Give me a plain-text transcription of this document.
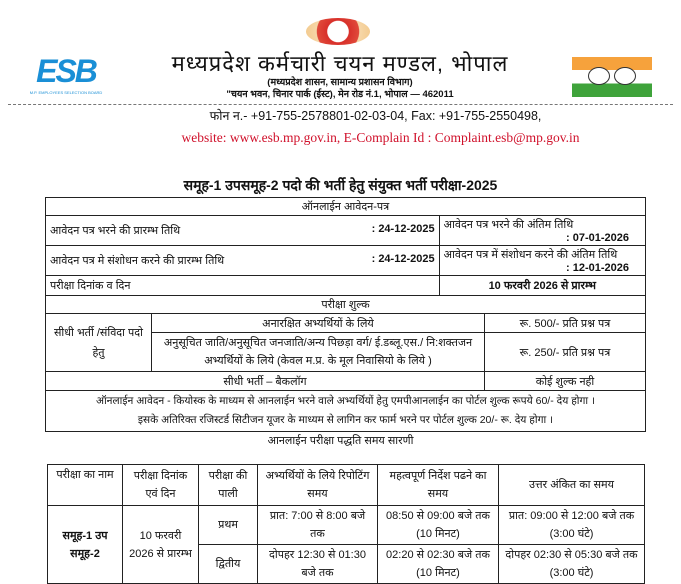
ESB
M.P. EMPLOYEES SELECTION BOARD
मध्यप्रदेश कर्मचारी चयन मण्डल, भोपाल
(मध्यप्रदेश शासन, सामान्य प्रशासन विभाग)
"चयन भवन, चिनार पार्क (ईस्ट), मेन रोड नं.1, भोपाल — 462011
फोन न.- +91-755-2578801-02-03-04, Fax: +91-755-2550498,
website: www.esb.mp.gov.in, E-Complain Id : Complaint.esb@mp.gov.in
समूह-1 उपसमूह-2 पदो की भर्ती हेतु संयुक्त भर्ती परीक्षा-2025
ऑनलाईन आवेदन-पत्र			
आवेदन पत्र भरने की प्रारम्भ तिथि : 24-12-2025		आवेदन पत्र भरने की अंतिम तिथि
: 07-01-2026	

आवेदन पत्र मे संशोधन करने की प्रारम्भ तिथि : 24-12-2025		आवेदन पत्र में संशोधन करने की अंतिम तिथि
: 12-01-2026	

परीक्षा दिनांक व दिन		10 फरवरी 2026 से प्रारम्भ	
परीक्षा शुल्क			
सीधी भर्ती /संविदा पदो हेतु	अनारक्षित अभ्यर्थियों के लिये		रू. 500/- प्रति प्रश्न पत्र
	अनुसूचित जाति/अनुसूचित जनजाति/अन्य पिछड़ा वर्ग/ ई.डब्लू.एस./ नि:शक्तजन अभ्यर्थियों के लिये (केवल म.प्र. के मूल निवासियो के लिये )		रू. 250/- प्रति प्रश्न पत्र
सीधी भर्ती – बैकलॉग			कोई शुल्क नही

ऑनलाईन आवेदन - कियोस्क के माध्यम से आनलाईन भरने वाले अभ्यर्थियों हेतु एमपीआनलाईन का पोर्टल शुल्क रूपये 60/- देय होगा ।
इसके अतिरिक्त रजिस्टर्ड सिटीजन यूजर के माध्यम से लागिन कर फार्म भरने पर पोर्टल शुल्क 20/- रू. देय होगा ।			
आनलाईन परीक्षा पद्धति समय सारणी
परीक्षा का नाम	परीक्षा दिनांक एवं दिन	परीक्षा की पाली	अभ्यर्थियों के लिये रिपोटिंग समय	महत्वपूर्ण निर्देश पढने का समय	उत्तर अंकित का समय
समूह-1 उप समूह-2	10 फरवरी 2026 से प्रारम्भ	प्रथम	प्रात: 7:00 से 8:00 बजे तक	08:50 से 09:00 बजे तक (10 मिनट)	प्रात: 09:00 से 12:00 बजे तक (3:00 घंटे)
		द्वितीय	दोपहर 12:30 से 01:30 बजे तक	02:20 से 02:30 बजे तक (10 मिनट)	दोपहर 02:30 से 05:30 बजे तक (3:00 घंटे)
